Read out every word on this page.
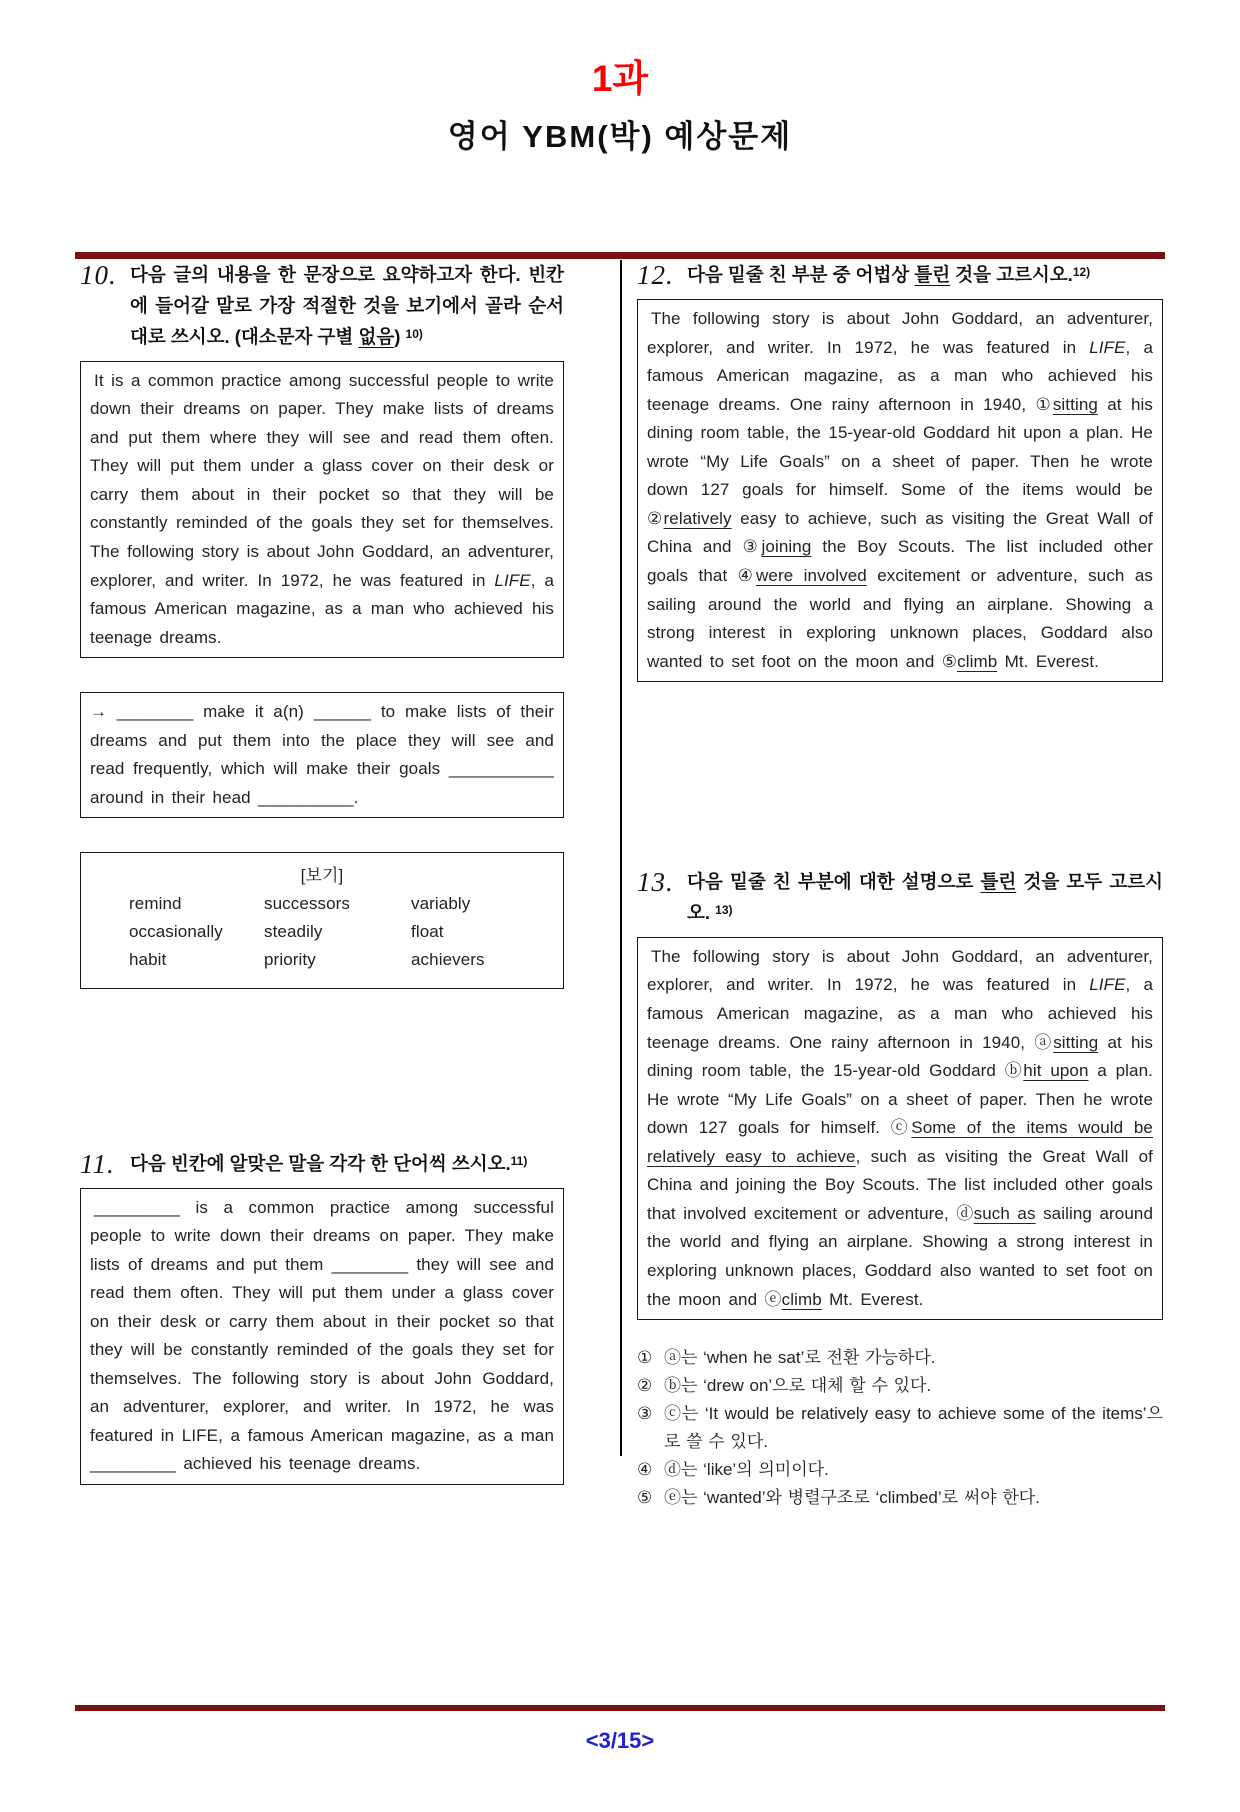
1과
영어 YBM(박) 예상문제
10. 다음 글의 내용을 한 문장으로 요약하고자 한다. 빈칸에 들어갈 말로 가장 적절한 것을 보기에서 골라 순서대로 쓰시오. (대소문자 구별 없음) $^{10)}$
It is a common practice among successful people to write down their dreams on paper. They make lists of dreams and put them where they will see and read them often. They will put them under a glass cover on their desk or carry them about in their pocket so that they will be constantly reminded of the goals they set for themselves. The following story is about John Goddard, an adventurer, explorer, and writer. In 1972, he was featured in LIFE, a famous American magazine, as a man who achieved his teenage dreams.
→ ________ make it a(n) ______ to make lists of their dreams and put them into the place they will see and read frequently, which will make their goals ___________ around in their head __________.
[보기]
remind	successors	variably
occasionally	steadily	float
habit	priority	achievers
11. 다음 빈칸에 알맞은 말을 각각 한 단어씩 쓰시오.$^{11)}$
_________ is a common practice among successful people to write down their dreams on paper. They make lists of dreams and put them ________ they will see and read them often. They will put them under a glass cover on their desk or carry them about in their pocket so that they will be constantly reminded of the goals they set for themselves. The following story is about John Goddard, an adventurer, explorer, and writer. In 1972, he was featured in LIFE, a famous American magazine, as a man _________ achieved his teenage dreams.
12. 다음 밑줄 친 부분 중 어법상 틀린 것을 고르시오.$^{12)}$
The following story is about John Goddard, an adventurer, explorer, and writer. In 1972, he was featured in LIFE, a famous American magazine, as a man who achieved his teenage dreams. One rainy afternoon in 1940, ①sitting at his dining room table, the 15-year-old Goddard hit upon a plan. He wrote “My Life Goals” on a sheet of paper. Then he wrote down 127 goals for himself. Some of the items would be ②relatively easy to achieve, such as visiting the Great Wall of China and ③joining the Boy Scouts. The list included other goals that ④were involved excitement or adventure, such as sailing around the world and flying an airplane. Showing a strong interest in exploring unknown places, Goddard also wanted to set foot on the moon and ⑤climb Mt. Everest.
13. 다음 밑줄 친 부분에 대한 설명으로 틀린 것을 모두 고르시오. $^{13)}$
The following story is about John Goddard, an adventurer, explorer, and writer. In 1972, he was featured in LIFE, a famous American magazine, as a man who achieved his teenage dreams. One rainy afternoon in 1940, ⓐsitting at his dining room table, the 15-year-old Goddard ⓑhit upon a plan. He wrote “My Life Goals” on a sheet of paper. Then he wrote down 127 goals for himself. ⓒSome of the items would be relatively easy to achieve, such as visiting the Great Wall of China and joining the Boy Scouts. The list included other goals that involved excitement or adventure, ⓓsuch as sailing around the world and flying an airplane. Showing a strong interest in exploring unknown places, Goddard also wanted to set foot on the moon and ⓔclimb Mt. Everest.
① ⓐ는 ‘when he sat’로 전환 가능하다.
② ⓑ는 ‘drew on’으로 대체 할 수 있다.
③ ⓒ는 ‘It would be relatively easy to achieve some of the items’으로 쓸 수 있다.
④ ⓓ는 ‘like’의 의미이다.
⑤ ⓔ는 ‘wanted’와 병렬구조로 ‘climbed’로 써야 한다.
<3/15>
